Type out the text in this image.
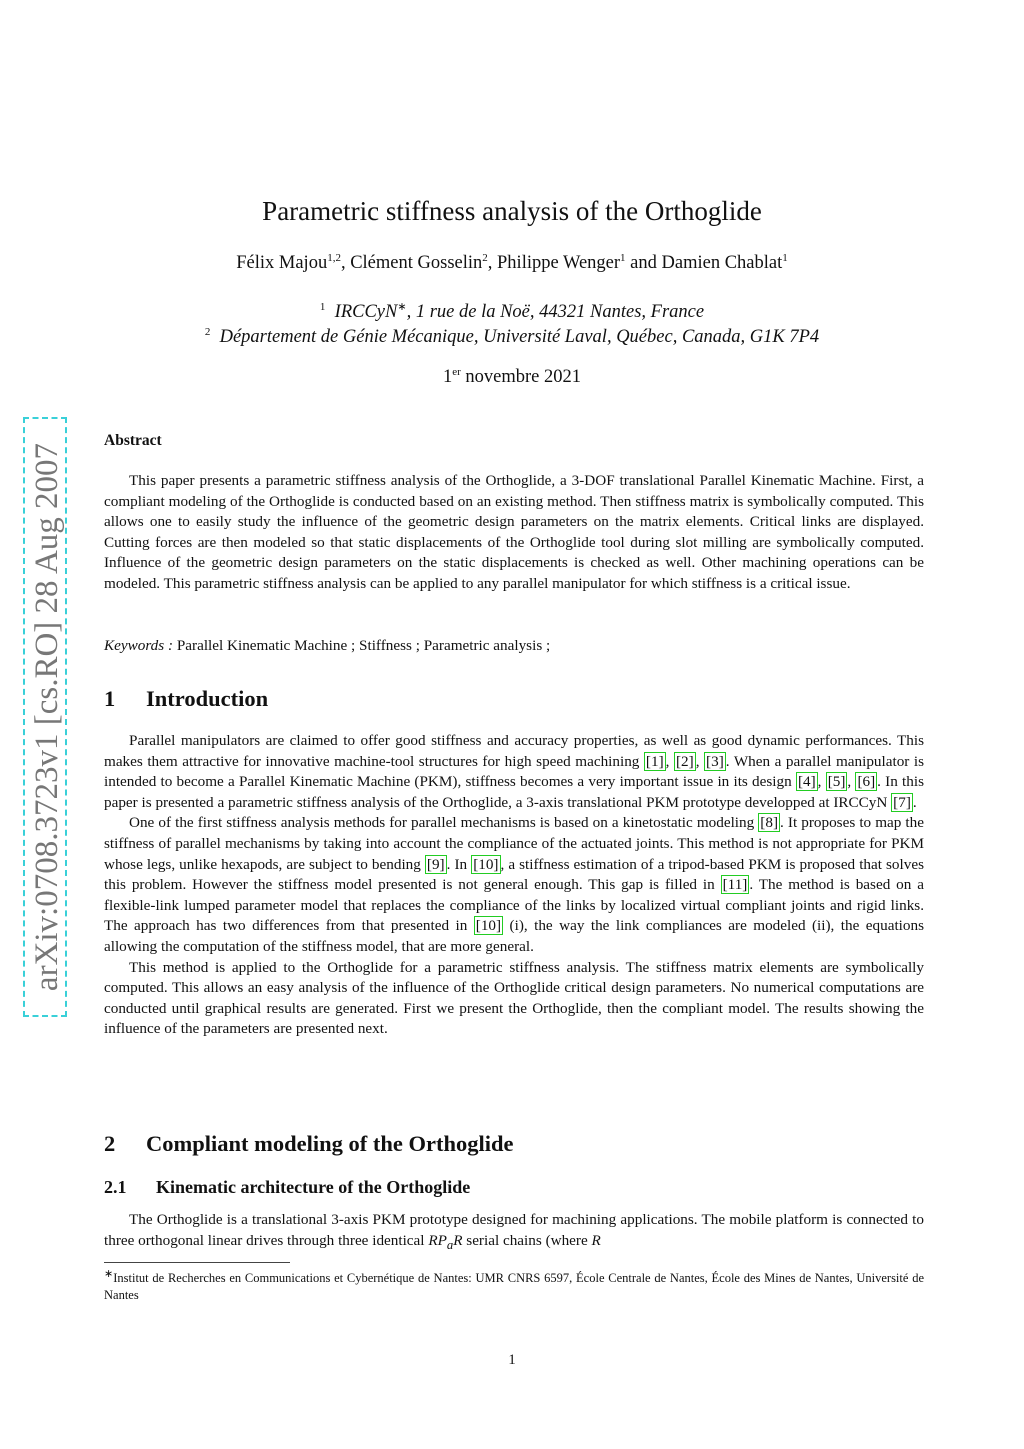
arXiv:0708.3723v1 [cs.RO] 28 Aug 2007
Parametric stiffness analysis of the Orthoglide
Félix Majou$^{1,2}$, Clément Gosselin$^2$, Philippe Wenger$^1$ and Damien Chablat$^1$
$^1$ IRCCyN∗, 1 rue de la Noë, 44321 Nantes, France
$^2$ Département de Génie Mécanique, Université Laval, Québec, Canada, G1K 7P4
1er novembre 2021
Abstract

This paper presents a parametric stiffness analysis of the Orthoglide, a 3-DOF translational Parallel Kinematic Machine. First, a compliant modeling of the Orthoglide is conducted based on an existing method. Then stiffness matrix is symbolically computed. This allows one to easily study the influence of the geometric design parameters on the matrix elements. Critical links are displayed. Cutting forces are then modeled so that static displacements of the Orthoglide tool during slot milling are symbolically computed. Influence of the geometric design parameters on the static displacements is checked as well. Other machining operations can be modeled. This parametric stiffness analysis can be applied to any parallel manipulator for which stiffness is a critical issue.

Keywords : Parallel Kinematic Machine ; Stiffness ; Parametric analysis ;
1 Introduction

Parallel manipulators are claimed to offer good stiffness and accuracy properties, as well as good dynamic performances. This makes them attractive for innovative machine-tool structures for high speed machining [1] , [2] , [3] . When a parallel manipulator is intended to become a Parallel Kinematic Machine (PKM), stiffness becomes a very important issue in its design [4] , [5] , [6] . In this paper is presented a parametric stiffness analysis of the Orthoglide, a 3-axis translational PKM prototype developped at IRCCyN [7] .

One of the first stiffness analysis methods for parallel mechanisms is based on a kinetostatic modeling [8] . It proposes to map the stiffness of parallel mechanisms by taking into account the compliance of the actuated joints. This method is not appropriate for PKM whose legs, unlike hexapods, are subject to bending [9] . In [10] , a stiffness estimation of a tripod-based PKM is proposed that solves this problem. However the stiffness model presented is not general enough. This gap is filled in [11] . The method is based on a flexible-link lumped parameter model that replaces the compliance of the links by localized virtual compliant joints and rigid links. The approach has two differences from that presented in [10] (i), the way the link compliances are modeled (ii), the equations allowing the computation of the stiffness model, that are more general.

This method is applied to the Orthoglide for a parametric stiffness analysis. The stiffness matrix elements are symbolically computed. This allows an easy analysis of the influence of the Orthoglide critical design parameters. No numerical computations are conducted until graphical results are generated. First we present the Orthoglide, then the compliant model. The results showing the influence of the parameters are presented next.

2 Compliant modeling of the Orthoglide
2.1 Kinematic architecture of the Orthoglide

The Orthoglide is a translational 3-axis PKM prototype designed for machining applications. The mobile platform is connected to three orthogonal linear drives through three identical $RP_aR$ serial chains (where R

∗Institut de Recherches en Communications et Cybernétique de Nantes: UMR CNRS 6597, École Centrale de Nantes, École des Mines de Nantes, Université de Nantes
1
